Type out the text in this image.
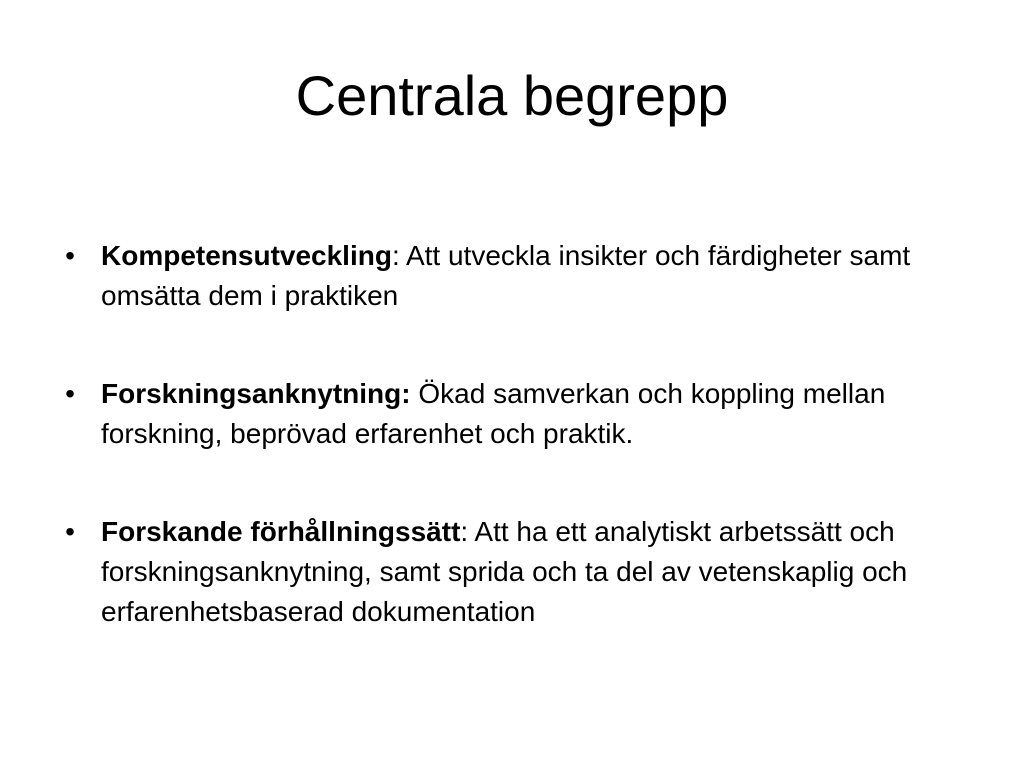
Centrala begrepp
• Kompetensutveckling: Att utveckla insikter och färdigheter samt omsätta dem i praktiken
• Forskningsanknytning: Ökad samverkan och koppling mellan forskning, beprövad erfarenhet och praktik.
• Forskande förhållningssätt: Att ha ett analytiskt arbetssätt och forskningsanknytning, samt sprida och ta del av vetenskaplig och erfarenhetsbaserad dokumentation
